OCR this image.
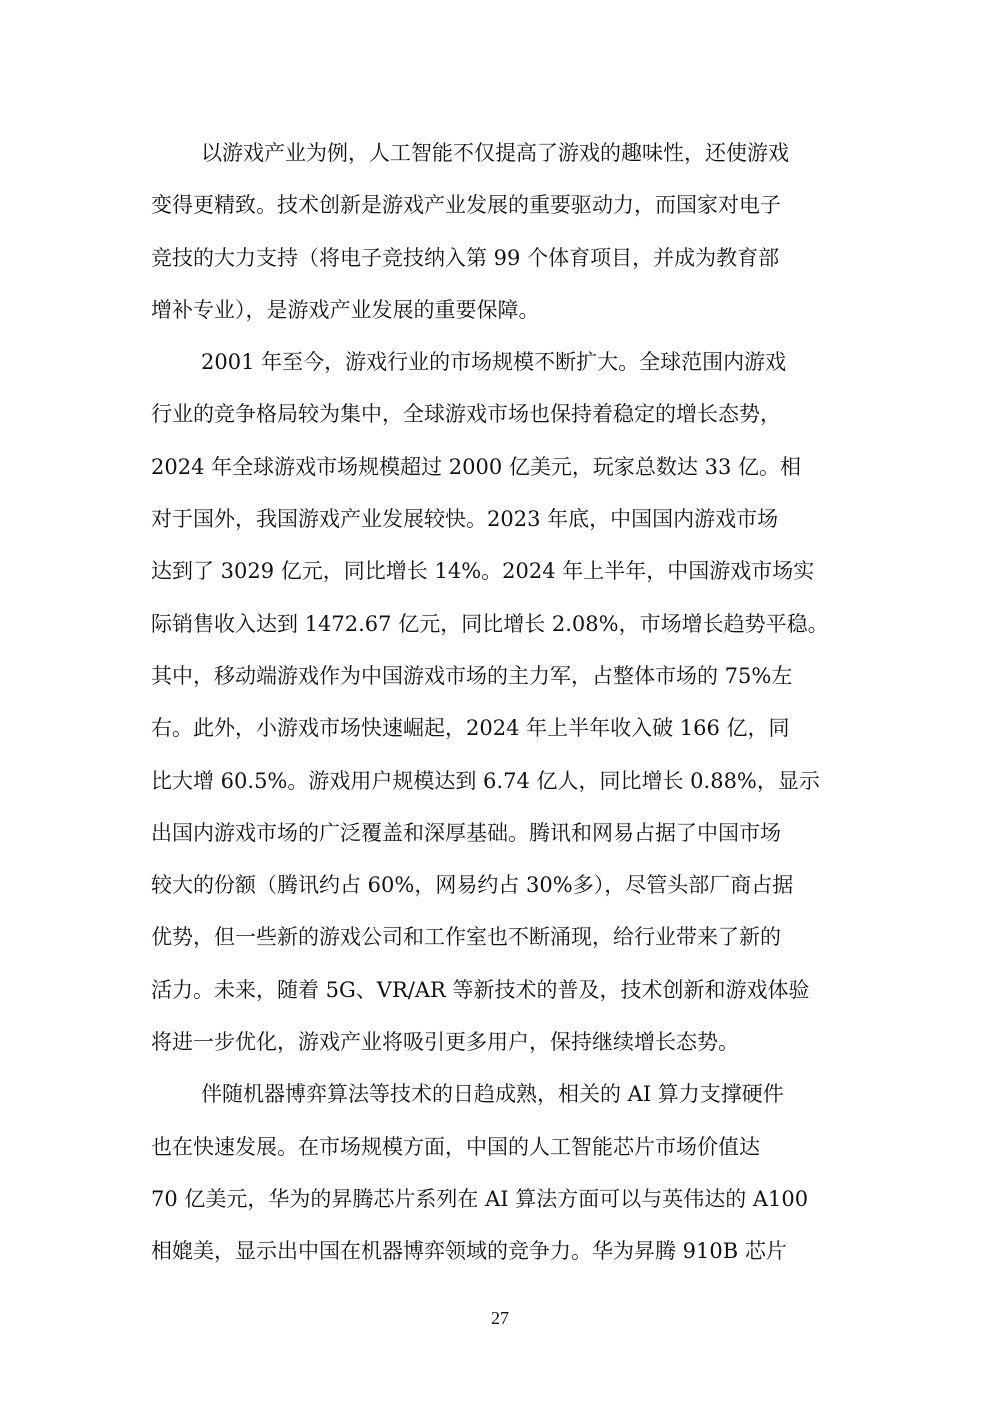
以游戏产业为例，人工智能不仅提高了游戏的趣味性，还使游戏
变得更精致。技术创新是游戏产业发展的重要驱动力，而国家对电子
竞技的大力支持（将电子竞技纳入第 99 个体育项目，并成为教育部
增补专业），是游戏产业发展的重要保障。
2001 年至今，游戏行业的市场规模不断扩大。全球范围内游戏
行业的竞争格局较为集中，全球游戏市场也保持着稳定的增长态势，
2024 年全球游戏市场规模超过 2000 亿美元，玩家总数达 33 亿。相
对于国外，我国游戏产业发展较快。2023 年底，中国国内游戏市场
达到了 3029 亿元，同比增长 14%。2024 年上半年，中国游戏市场实
际销售收入达到 1472.67 亿元，同比增长 2.08%，市场增长趋势平稳。
其中，移动端游戏作为中国游戏市场的主力军，占整体市场的 75%左
右。此外，小游戏市场快速崛起，2024 年上半年收入破 166 亿，同
比大增 60.5%。游戏用户规模达到 6.74 亿人，同比增长 0.88%，显示
出国内游戏市场的广泛覆盖和深厚基础。腾讯和网易占据了中国市场
较大的份额（腾讯约占 60%，网易约占 30%多），尽管头部厂商占据
优势，但一些新的游戏公司和工作室也不断涌现，给行业带来了新的
活力。未来，随着 5G、VR/AR 等新技术的普及，技术创新和游戏体验
将进一步优化，游戏产业将吸引更多用户，保持继续增长态势。
伴随机器博弈算法等技术的日趋成熟，相关的 AI 算力支撑硬件
也在快速发展。在市场规模方面，中国的人工智能芯片市场价值达
70 亿美元，华为的昇腾芯片系列在 AI 算法方面可以与英伟达的 A100
相媲美，显示出中国在机器博弈领域的竞争力。华为昇腾 910B 芯片
27
